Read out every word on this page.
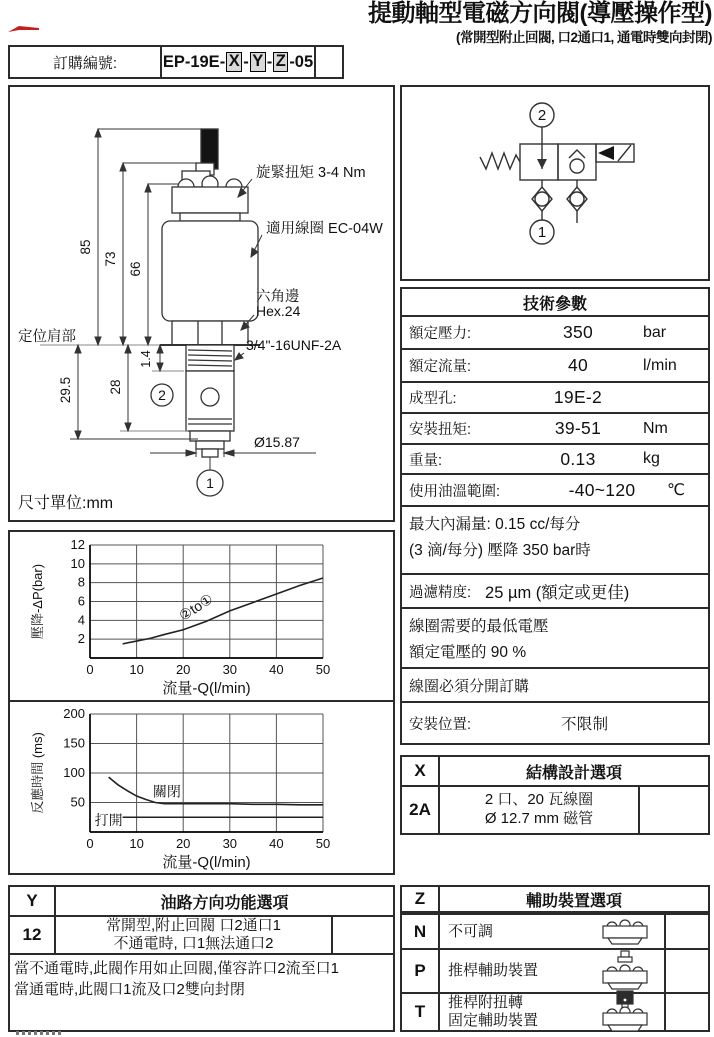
提動軸型電磁方向閥(導壓操作型)
(常開型附止回閥, 口2通口1, 通電時雙向封閉)
訂購編號:	EP-19E- X - Y - Z -05
2
1
85
73
66
29.5	28
1.4
Ø15.87
旋緊扭矩 3-4 Nm
適用線圈 EC-04W
六角邊
Hex.24
3/4"-16UNF-2A
定位肩部
尺寸單位:mm
0	10 20 30 40 50
2
4
6
8
10
12
②to①
流量-Q(l/min)
壓降-ΔP(bar)
0	10 20 30 40 50
50
100
150
200
關閉
打開
流量-Q(l/min)
反應時間 (ms)
2
1
技術參數
額定壓力:	350	bar
額定流量:	40	l/min
成型孔:	19E-2
安裝扭矩:	39-51	Nm
重量:	0.13	kg
使用油溫範圍:	-40~120	℃
最大內漏量: 0.15 cc/每分
(3 滴/每分) 壓降 350 bar時
過濾精度: 25 µm (額定或更佳)
線圈需要的最低電壓
額定電壓的 90 %
線圈必須分開訂購
安裝位置:	不限制
X	結構設計選項
2A
2 口、20 瓦線圈
Ø 12.7 mm 磁管
Y	油路方向功能選項
12	常開型,附止回閥 口2通口1
不通電時, 口1無法通口2
當不通電時,此閥作用如止回閥,僅容許口2流至口1
當通電時,此閥口1流及口2雙向封閉
Z	輔助裝置選項
N	不可調
P	推桿輔助裝置
T	推桿附扭轉
固定輔助裝置
